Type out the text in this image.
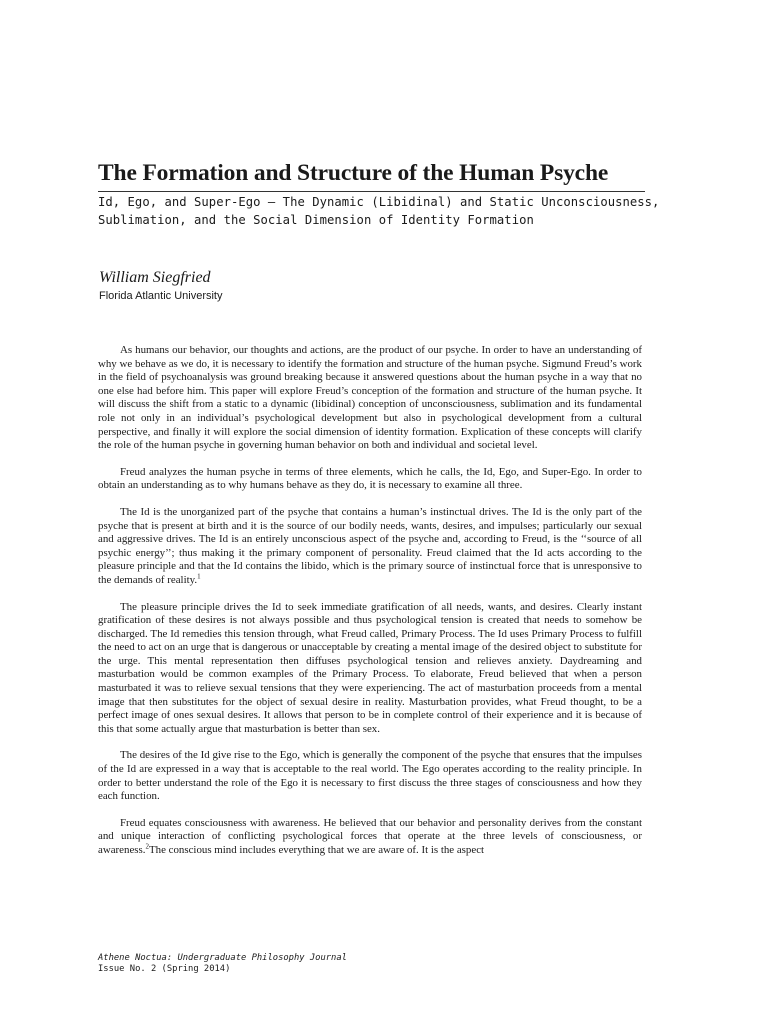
The Formation and Structure of the Human Psyche
Id, Ego, and Super-Ego – The Dynamic (Libidinal) and Static Unconsciousness,
Sublimation, and the Social Dimension of Identity Formation
William Siegfried
Florida Atlantic University

As humans our behavior, our thoughts and actions, are the product of our psyche. In order to have an understanding of why we behave as we do, it is necessary to identify the formation and structure of the human psyche. Sigmund Freud’s work in the field of psychoanalysis was ground breaking because it answered questions about the human psyche in a way that no one else had before him. This paper will explore Freud’s conception of the formation and structure of the human psyche. It will discuss the shift from a static to a dynamic (libidinal) conception of unconsciousness, sublimation and its fundamental role not only in an individual’s psychological development but also in psychological development from a cultural perspective, and finally it will explore the social dimension of identity formation. Explication of these concepts will clarify the role of the human psyche in governing human behavior on both and individual and societal level.

Freud analyzes the human psyche in terms of three elements, which he calls, the Id, Ego, and Super-Ego. In order to obtain an understanding as to why humans behave as they do, it is necessary to examine all three.

The Id is the unorganized part of the psyche that contains a human’s instinctual drives. The Id is the only part of the psyche that is present at birth and it is the source of our bodily needs, wants, desires, and impulses; particularly our sexual and aggressive drives. The Id is an entirely unconscious aspect of the psyche and, according to Freud, is the ‘‘source of all psychic energy’’; thus making it the primary component of personality. Freud claimed that the Id acts according to the pleasure principle and that the Id contains the libido, which is the primary source of instinctual force that is unresponsive to the demands of reality.$^1$

The pleasure principle drives the Id to seek immediate gratification of all needs, wants, and desires. Clearly instant gratification of these desires is not always possible and thus psychological tension is created that needs to somehow be discharged. The Id remedies this tension through, what Freud called, Primary Process. The Id uses Primary Process to fulfill the need to act on an urge that is dangerous or unacceptable by creating a mental image of the desired object to substitute for the urge. This mental representation then diffuses psychological tension and relieves anxiety. Daydreaming and masturbation would be common examples of the Primary Process. To elaborate, Freud believed that when a person masturbated it was to relieve sexual tensions that they were experiencing. The act of masturbation proceeds from a mental image that then substitutes for the object of sexual desire in reality. Masturbation provides, what Freud thought, to be a perfect image of ones sexual desires. It allows that person to be in complete control of their experience and it is because of this that some actually argue that masturbation is better than sex.

The desires of the Id give rise to the Ego, which is generally the component of the psyche that ensures that the impulses of the Id are expressed in a way that is acceptable to the real world. The Ego operates according to the reality principle. In order to better understand the role of the Ego it is necessary to first discuss the three stages of consciousness and how they each function.

Freud equates consciousness with awareness. He believed that our behavior and personality derives from the constant and unique interaction of conflicting psychological forces that operate at the three levels of consciousness, or awareness.$^2$The conscious mind includes everything that we are aware of. It is the aspect

Athene Noctua: Undergraduate Philosophy Journal
Issue No. 2 (Spring 2014)
